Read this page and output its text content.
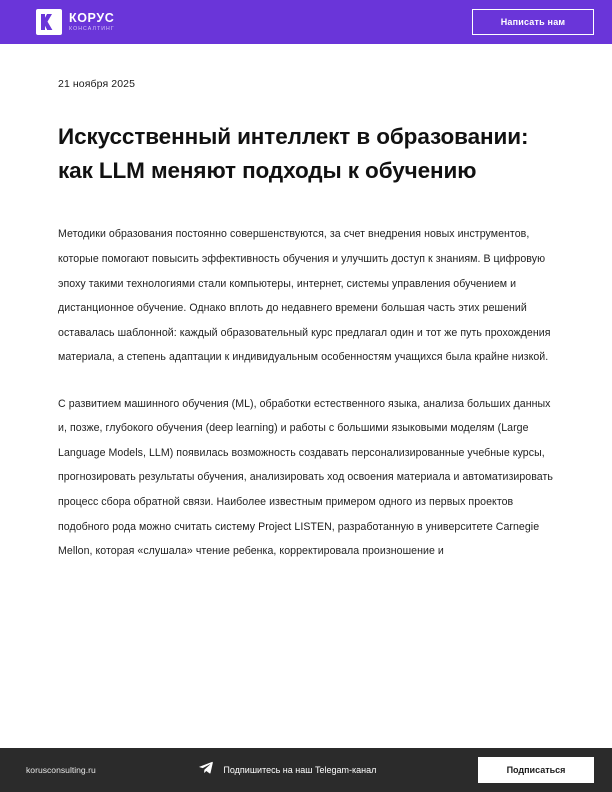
КОРУС
КОНСАЛТИНГ
Написать нам
21 ноября 2025
Искусственный интеллект в образовании: как LLM меняют подходы к обучению

Методики образования постоянно совершенствуются, за счет внедрения новых инструментов, которые помогают повысить эффективность обучения и улучшить доступ к знаниям. В цифровую эпоху такими технологиями стали компьютеры, интернет, системы управления обучением и дистанционное обучение. Однако вплоть до недавнего времени большая часть этих решений оставалась шаблонной: каждый образовательный курс предлагал один и тот же путь прохождения материала, а степень адаптации к индивидуальным особенностям учащихся была крайне низкой.

С развитием машинного обучения (ML), обработки естественного языка, анализа больших данных и, позже, глубокого обучения (deep learning) и работы с большими языковыми моделям (Large Language Models, LLM) появилась возможность создавать персонализированные учебные курсы, прогнозировать результаты обучения, анализировать ход освоения материала и автоматизировать процесс сбора обратной связи. Наиболее известным примером одного из первых проектов подобного рода можно считать систему Project LISTEN, разработанную в университете Carnegie Mellon, которая «слушала» чтение ребенка, корректировала произношение и

korusconsulting.ru	Подпишитесь на наш Telegam-канал	Подписаться
